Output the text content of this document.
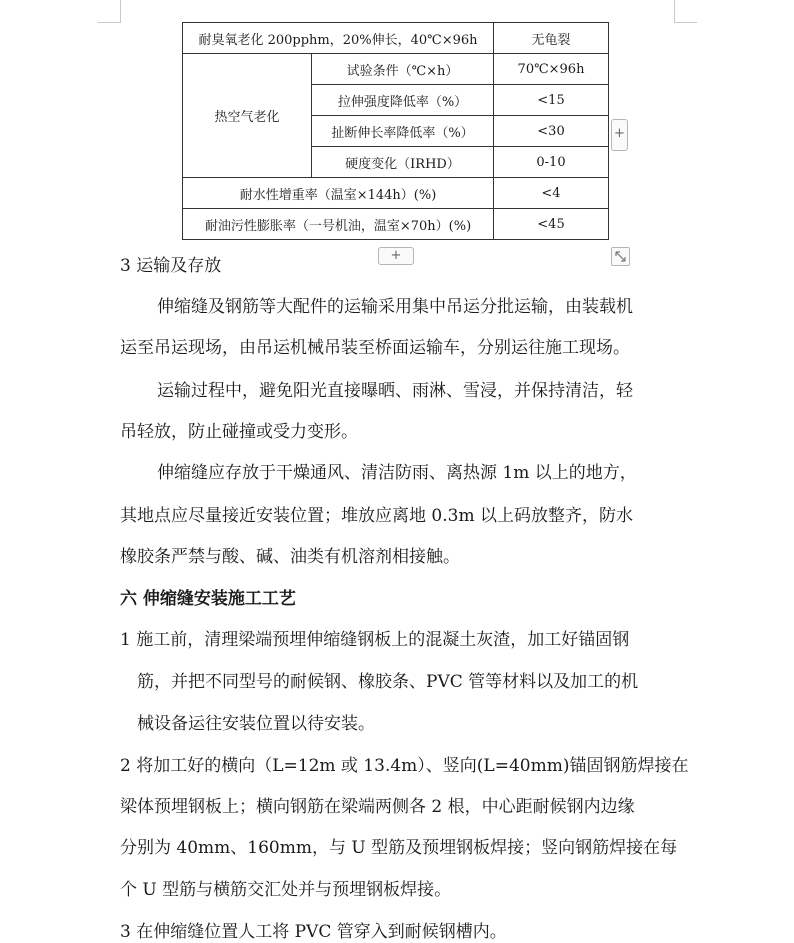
耐臭氧老化 200pphm，20%伸长，40℃×96h		无龟裂
热空气老化	试验条件（℃×h）	70℃×96h
	拉伸强度降低率（%）	<15
	扯断伸长率降低率（%）	<30
	硬度变化（IRHD）	0-10
耐水性增重率（温室×144h）(%)		<4
耐油污性膨胀率（一号机油，温室×70h）(%)		<45
+
+
3 运输及存放
伸缩缝及钢筋等大配件的运输采用集中吊运分批运输，由装载机
运至吊运现场，由吊运机械吊装至桥面运输车，分别运往施工现场。
运输过程中，避免阳光直接曝晒、雨淋、雪浸，并保持清洁，轻
吊轻放，防止碰撞或受力变形。
伸缩缝应存放于干燥通风、清洁防雨、离热源 1m 以上的地方，
其地点应尽量接近安装位置；堆放应离地 0.3m 以上码放整齐，防水
橡胶条严禁与酸、碱、油类有机溶剂相接触。
六 伸缩缝安装施工工艺
1 施工前，清理梁端预埋伸缩缝钢板上的混凝土灰渣，加工好锚固钢
筋，并把不同型号的耐候钢、橡胶条、PVC 管等材料以及加工的机
械设备运往安装位置以待安装。
2 将加工好的横向（L=12m 或 13.4m）、竖向(L=40mm)锚固钢筋焊接在
梁体预埋钢板上；横向钢筋在梁端两侧各 2 根，中心距耐候钢内边缘
分别为 40mm、160mm，与 U 型筋及预埋钢板焊接；竖向钢筋焊接在每
个 U 型筋与横筋交汇处并与预埋钢板焊接。
3 在伸缩缝位置人工将 PVC 管穿入到耐候钢槽内。
